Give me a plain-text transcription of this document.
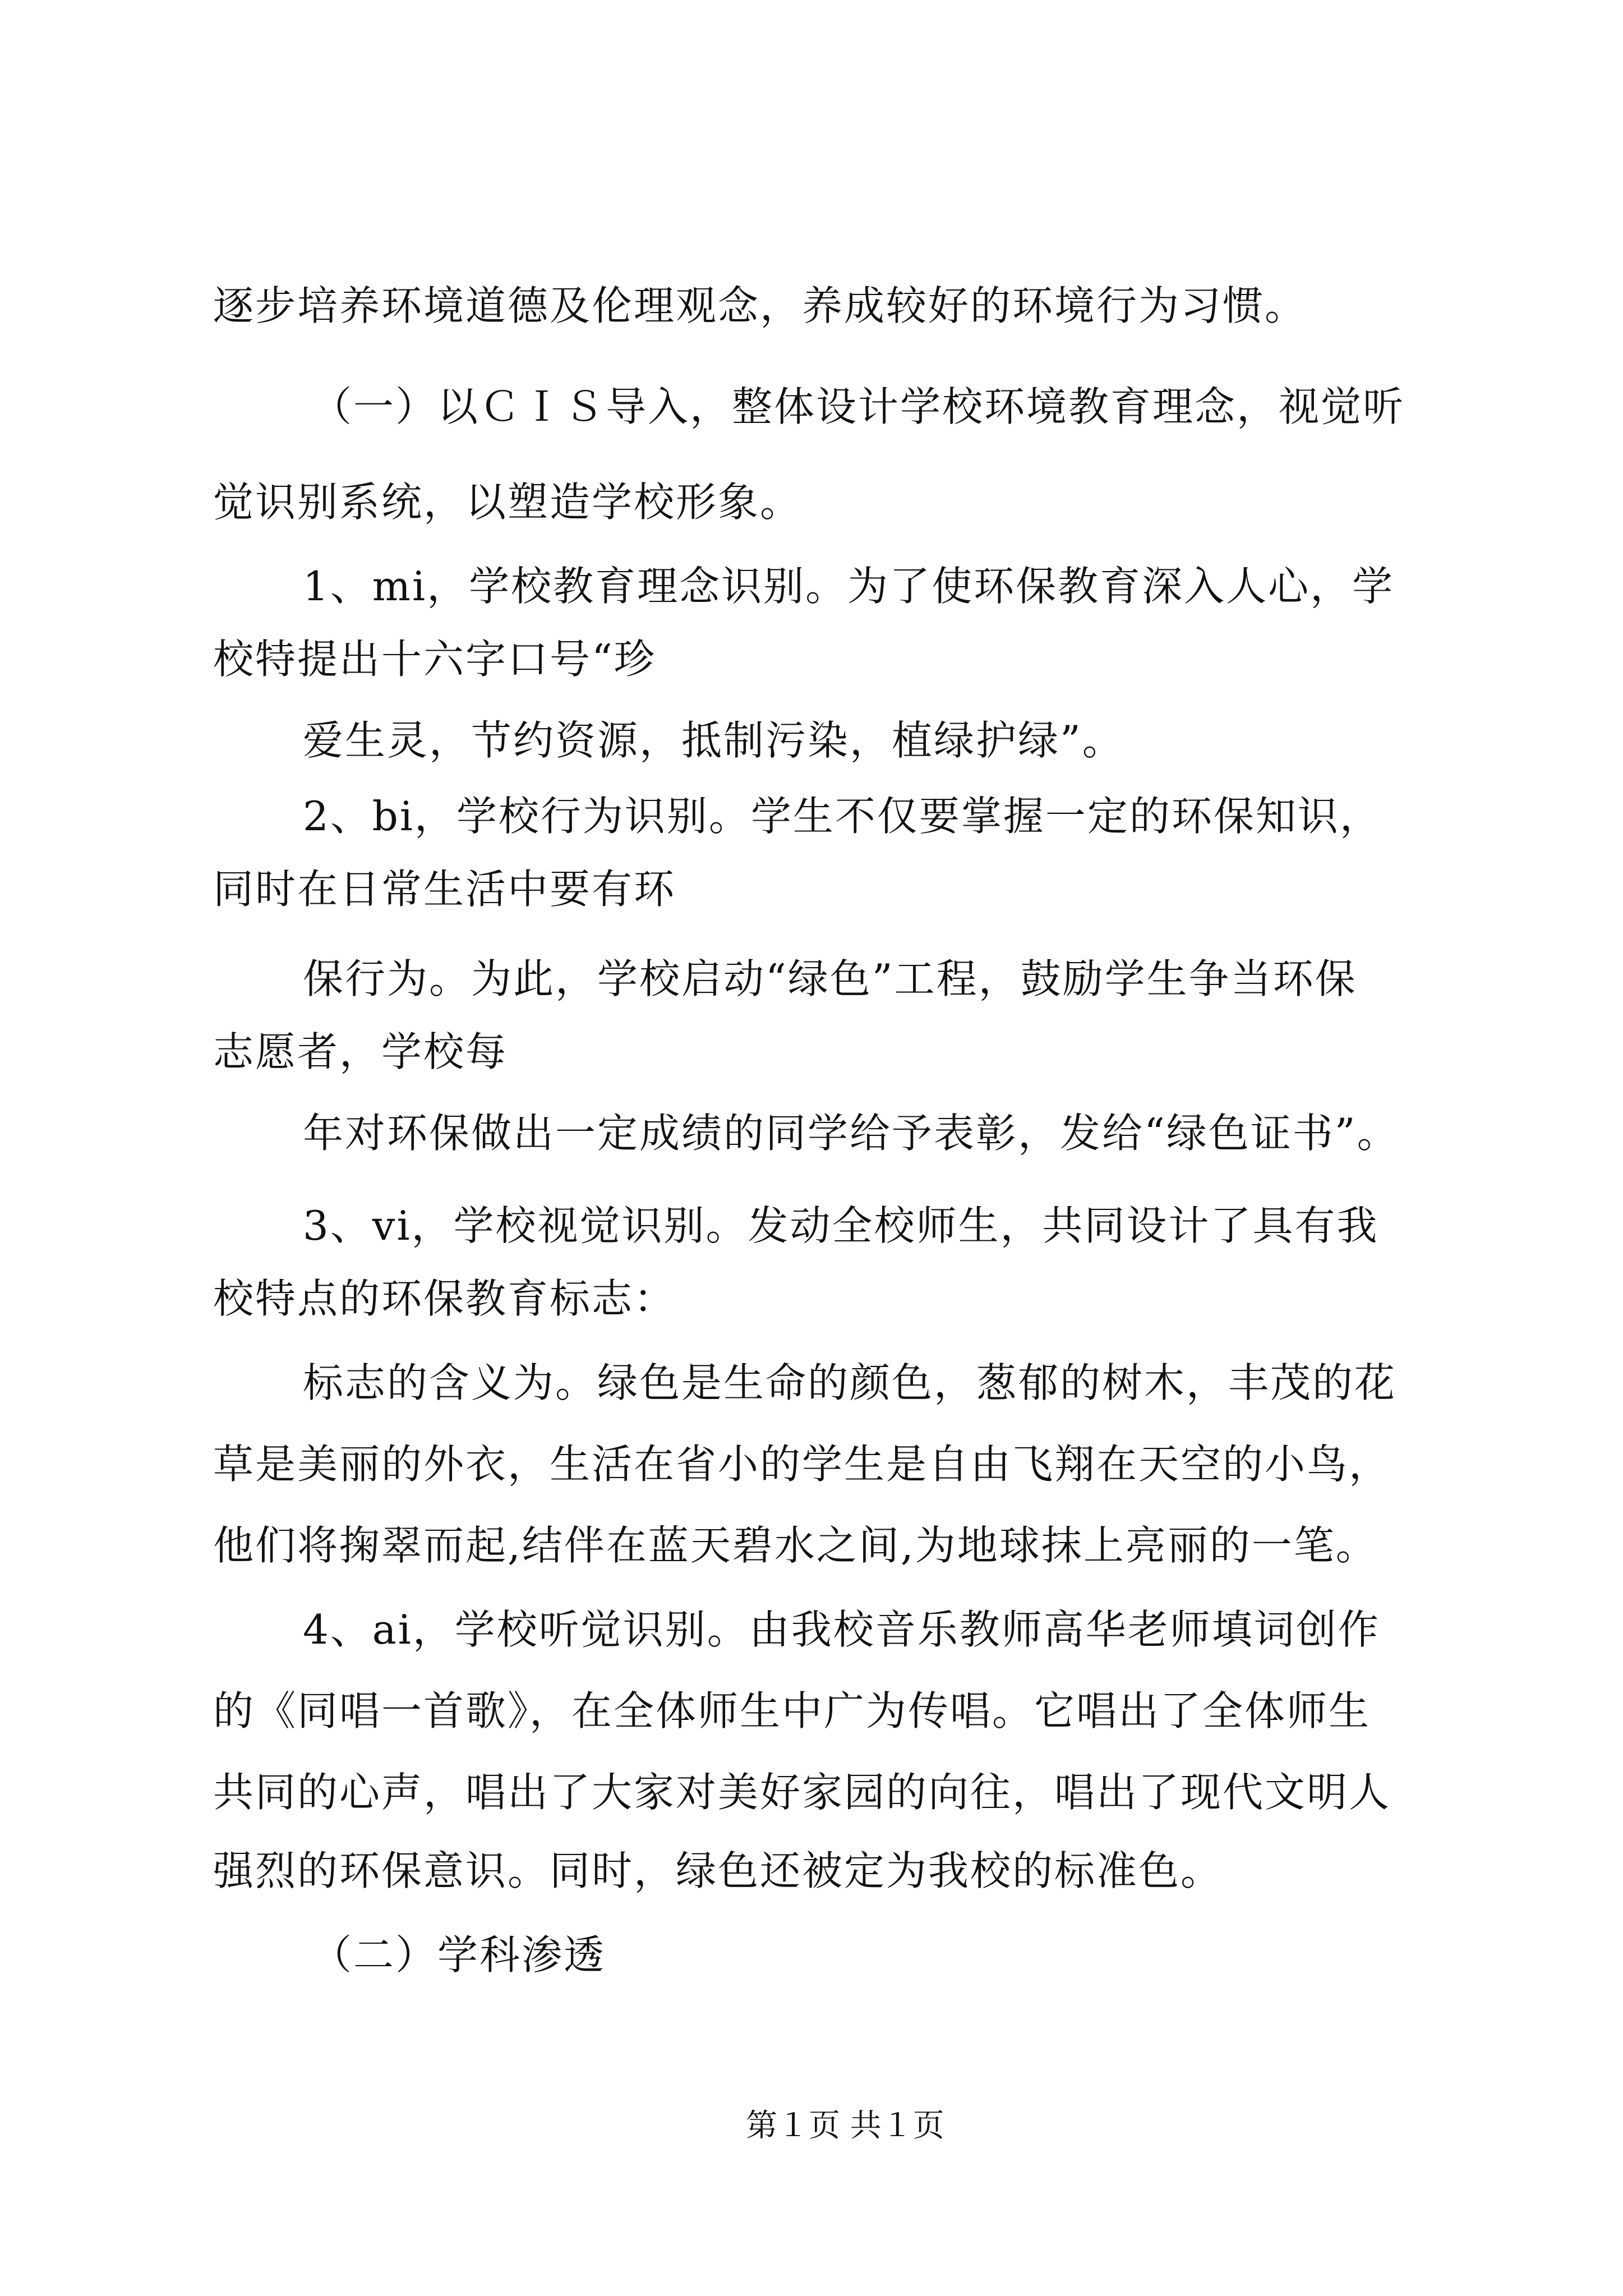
逐步培养环境道德及伦理观念，养成较好的环境行为习惯。
（一）以ＣＩＳ导入，整体设计学校环境教育理念，视觉听
觉识别系统，以塑造学校形象。
1、mi，学校教育理念识别。为了使环保教育深入人心，学
校特提出十六字口号“珍
爱生灵，节约资源，抵制污染，植绿护绿”。
2、bi，学校行为识别。学生不仅要掌握一定的环保知识，
同时在日常生活中要有环
保行为。为此，学校启动“绿色”工程，鼓励学生争当环保
志愿者，学校每
年对环保做出一定成绩的同学给予表彰，发给“绿色证书”。
3、vi，学校视觉识别。发动全校师生，共同设计了具有我
校特点的环保教育标志：
标志的含义为。绿色是生命的颜色，葱郁的树木，丰茂的花
草是美丽的外衣，生活在省小的学生是自由飞翔在天空的小鸟，
他们将掬翠而起,结伴在蓝天碧水之间,为地球抹上亮丽的一笔。
4、ai，学校听觉识别。由我校音乐教师高华老师填词创作
的《同唱一首歌》，在全体师生中广为传唱。它唱出了全体师生
共同的心声，唱出了大家对美好家园的向往，唱出了现代文明人
强烈的环保意识。同时，绿色还被定为我校的标准色。
（二）学科渗透
第１页 共１页
